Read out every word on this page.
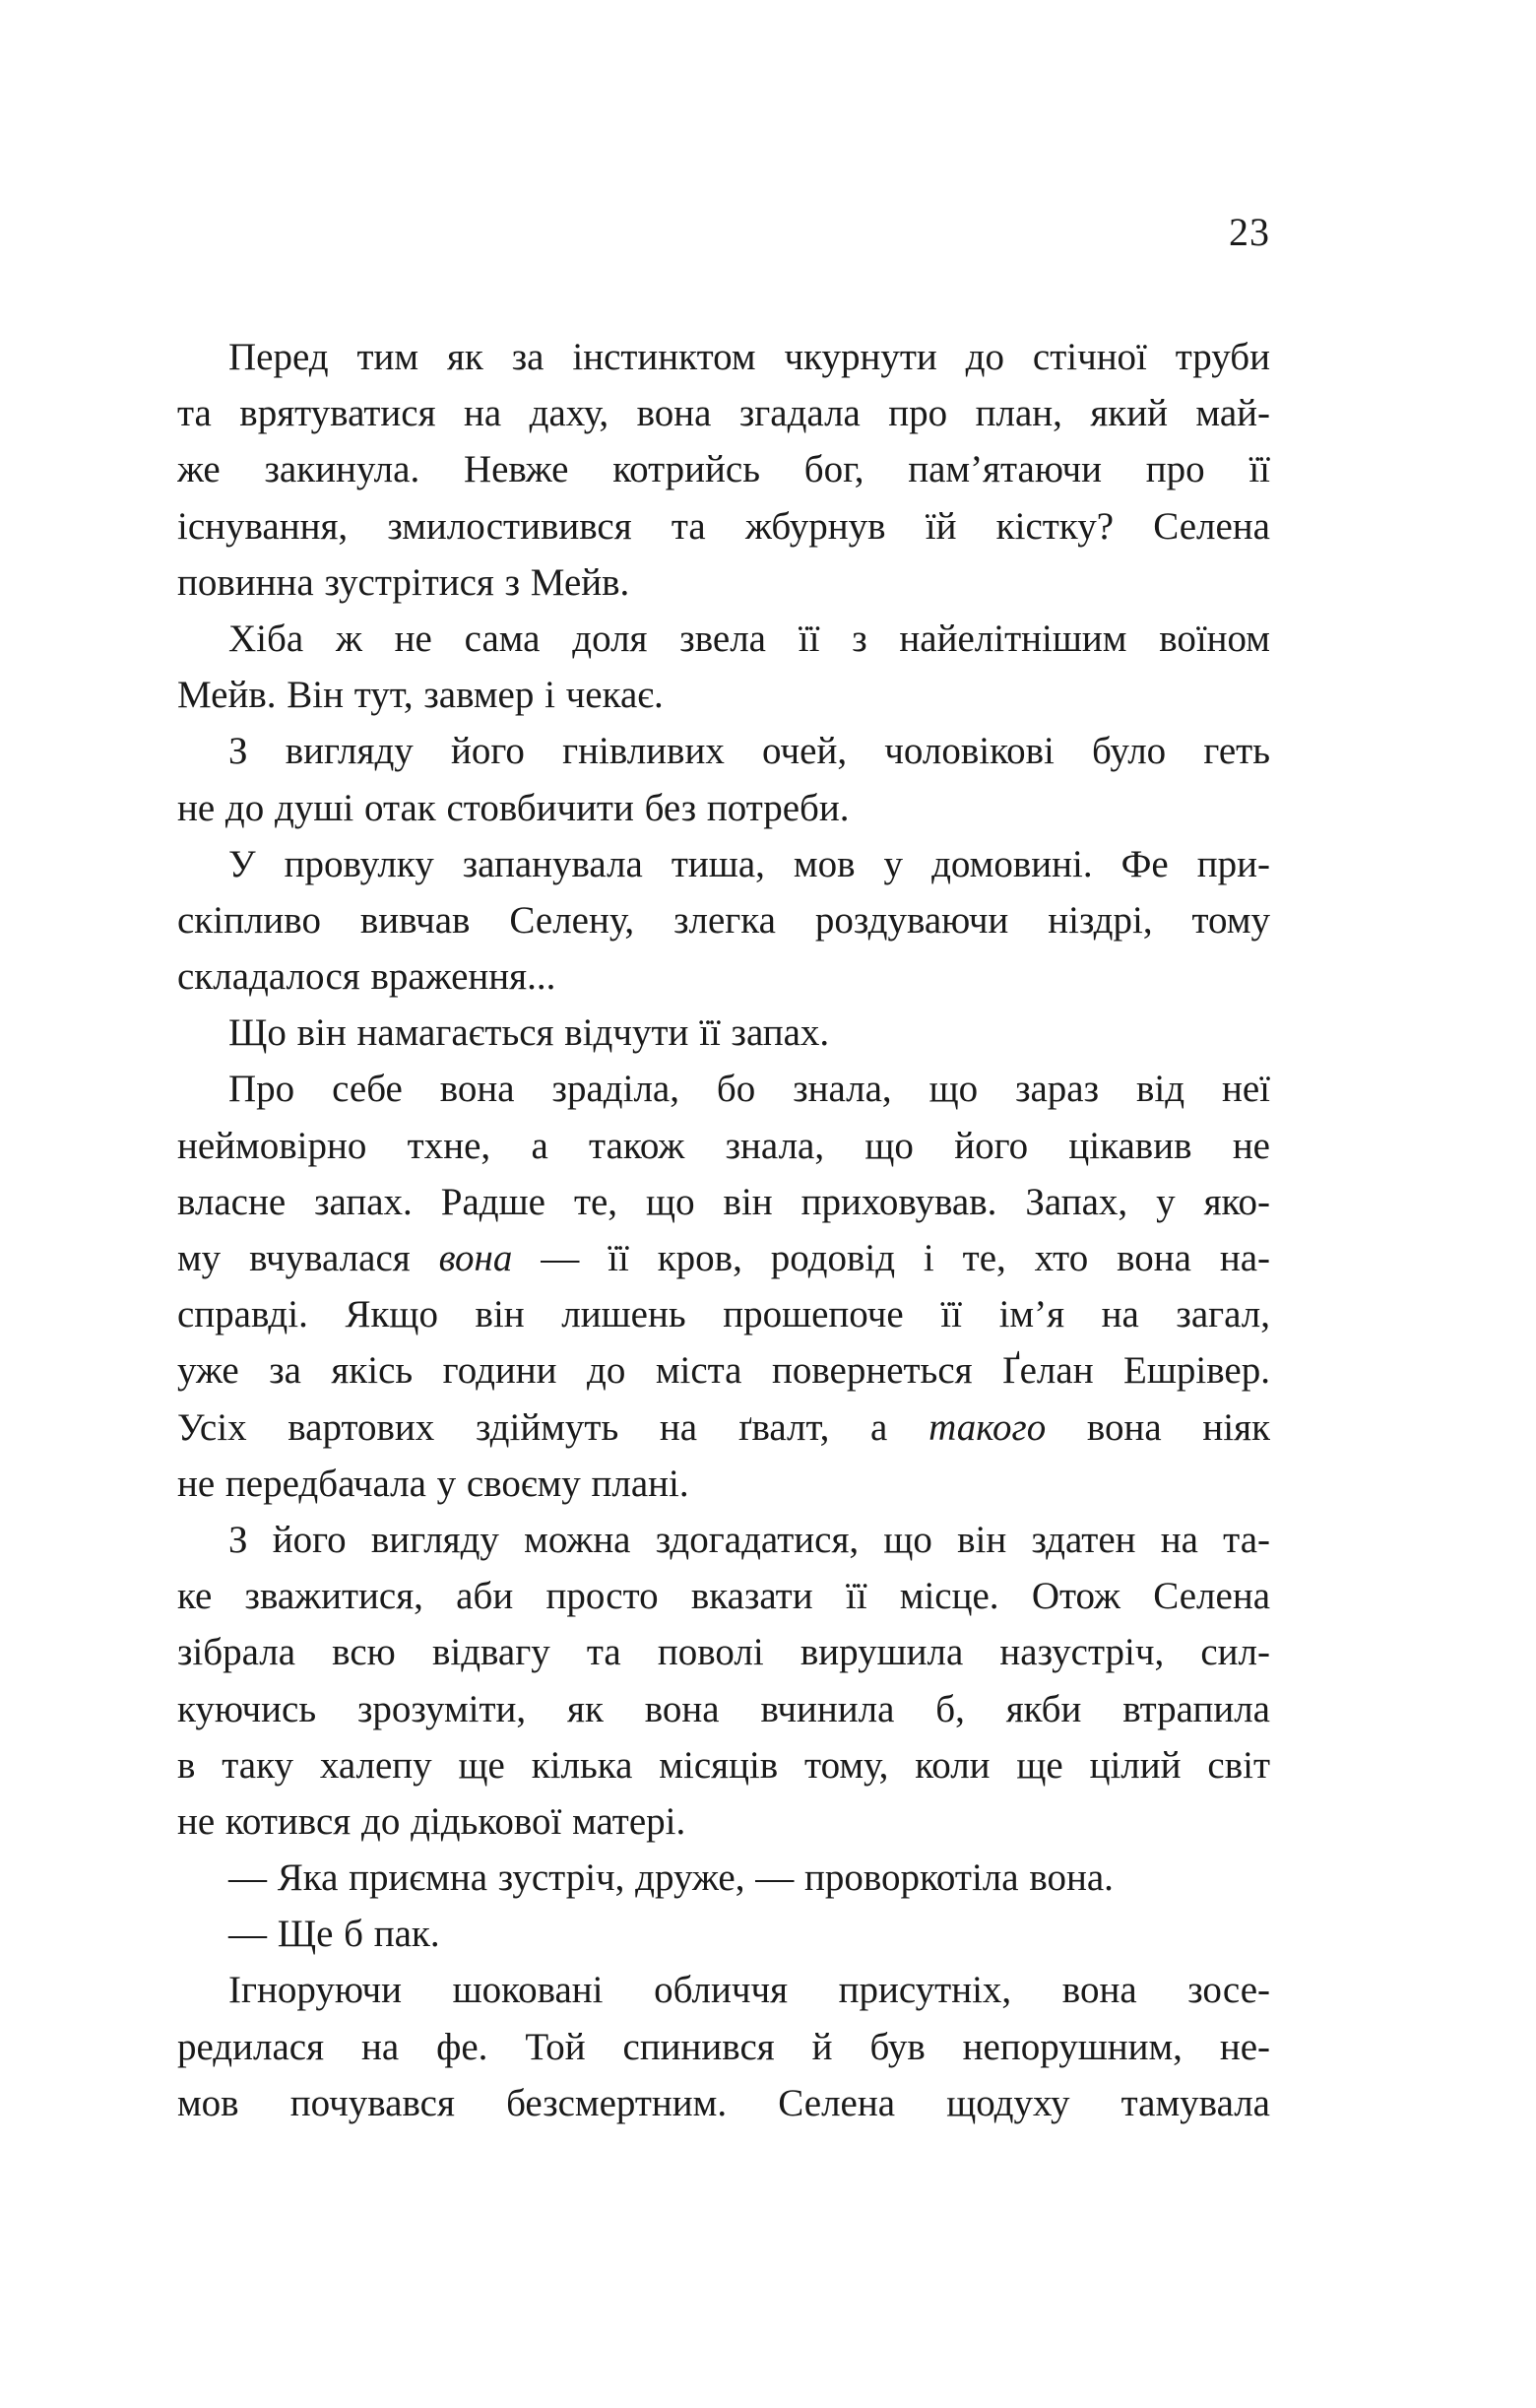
23
Перед тим як за інстинктом чкурнути до стічної труби
та врятуватися на даху, вона згадала про план, який май-
же закинула. Невже котрийсь бог, пам’ятаючи про її
існування, змилостивився та жбурнув їй кістку? Селена
повинна зустрітися з Мейв.
Хіба ж не сама доля звела її з найелітнішим воїном
Мейв. Він тут, завмер і чекає.
З вигляду його гнівливих очей, чоловікові було геть
не до душі отак стовбичити без потреби.
У провулку запанувала тиша, мов у домовині. Фе при-
скіпливо вивчав Селену, злегка роздуваючи ніздрі, тому
складалося враження...
Що він намагається відчути її запах.
Про себе вона зраділа, бо знала, що зараз від неї
неймовірно тхне, а також знала, що його цікавив не
власне запах. Радше те, що він приховував. Запах, у яко-
му вчувалася вона — її кров, родовід і те, хто вона на-
справді. Якщо він лишень прошепоче її ім’я на загал,
уже за якісь години до міста повернеться Ґелан Ешрівер.
Усіх вартових здіймуть на ґвалт, а такого вона ніяк
не передбачала у своєму плані.
З його вигляду можна здогадатися, що він здатен на та-
ке зважитися, аби просто вказати її місце. Отож Селена
зібрала всю відвагу та поволі вирушила назустріч, сил-
куючись зрозуміти, як вона вчинила б, якби втрапила
в таку халепу ще кілька місяців тому, коли ще цілий світ
не котився до дідькової матері.
— Яка приємна зустріч, друже, — проворкотіла вона.
— Ще б пак.
Ігноруючи шоковані обличчя присутніх, вона зосе-
редилася на фе. Той спинився й був непорушним, не-
мов почувався безсмертним. Селена щодуху тамувала
